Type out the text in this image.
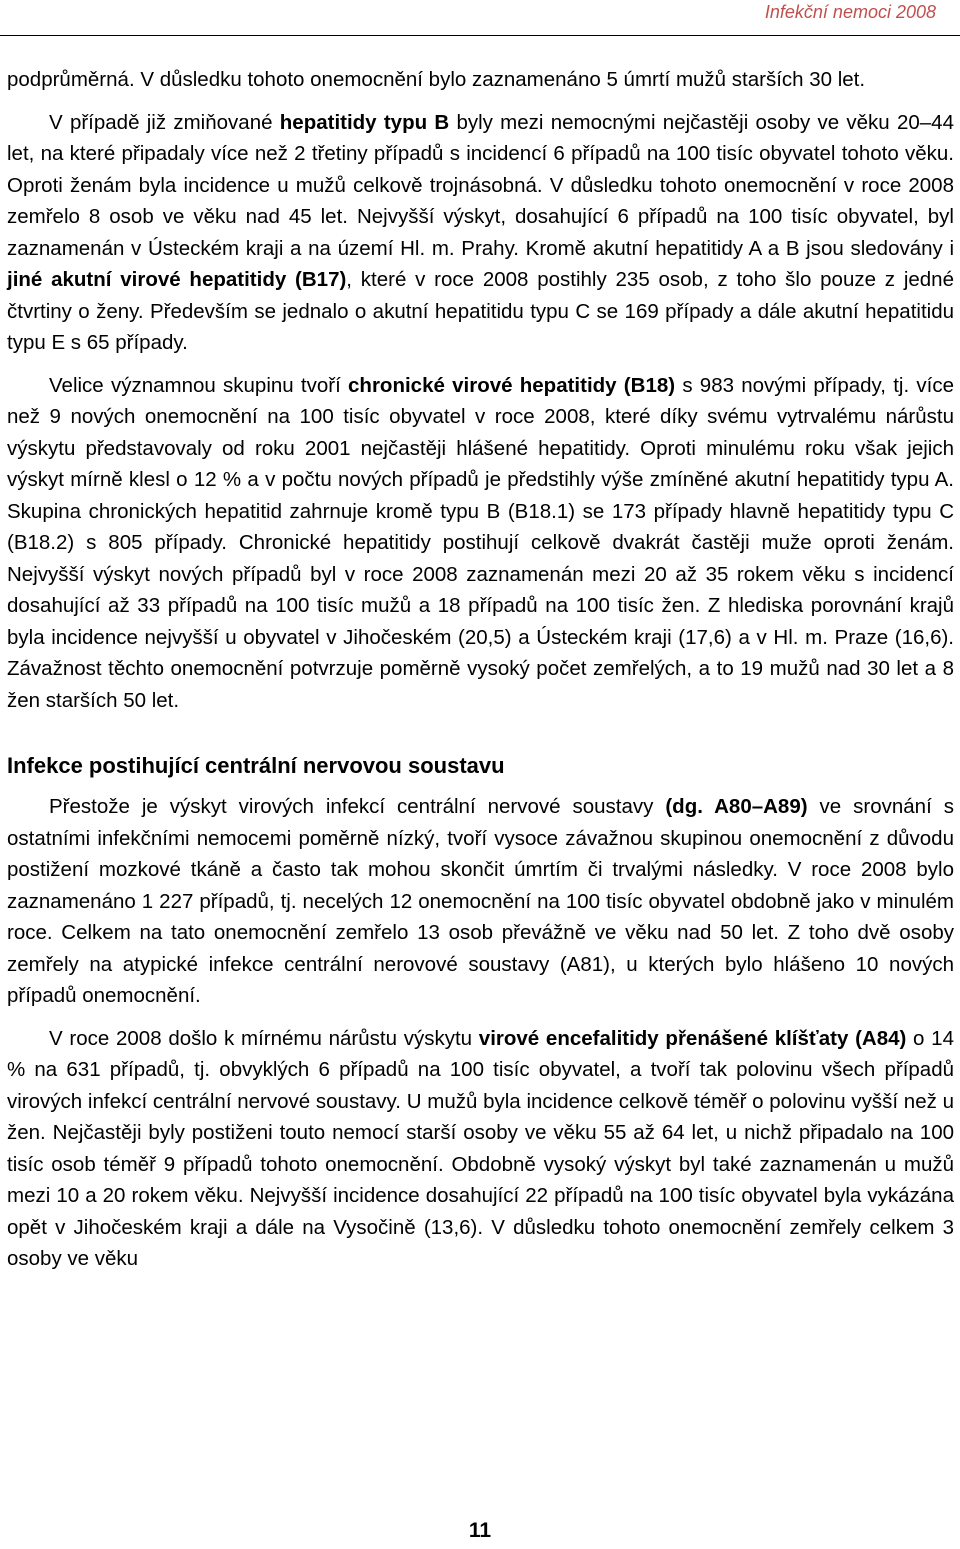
Infekční nemoci 2008

podprůměrná. V důsledku tohoto onemocnění bylo zaznamenáno 5 úmrtí mužů starších 30 let.

V případě již zmiňované hepatitidy typu B byly mezi nemocnými nejčastěji osoby ve věku 20–44 let, na které připadaly více než 2 třetiny případů s incidencí 6 případů na 100 tisíc obyvatel tohoto věku. Oproti ženám byla incidence u mužů celkově trojnásobná. V důsledku tohoto onemocnění v roce 2008 zemřelo 8 osob ve věku nad 45 let. Nejvyšší výskyt, dosahující 6 případů na 100 tisíc obyvatel, byl zaznamenán v Ústeckém kraji a na území Hl. m. Prahy. Kromě akutní hepatitidy A a B jsou sledovány i jiné akutní virové hepatitidy (B17), které v roce 2008 postihly 235 osob, z toho šlo pouze z jedné čtvrtiny o ženy. Především se jednalo o akutní hepatitidu typu C se 169 případy a dále akutní hepatitidu typu E s 65 případy.

Velice významnou skupinu tvoří chronické virové hepatitidy (B18) s 983 novými případy, tj. více než 9 nových onemocnění na 100 tisíc obyvatel v roce 2008, které díky svému vytrvalému nárůstu výskytu představovaly od roku 2001 nejčastěji hlášené hepatitidy. Oproti minulému roku však jejich výskyt mírně klesl o 12 % a v počtu nových případů je předstihly výše zmíněné akutní hepatitidy typu A. Skupina chronických hepatitid zahrnuje kromě typu B (B18.1) se 173 případy hlavně hepatitidy typu C (B18.2) s 805 případy. Chronické hepatitidy postihují celkově dvakrát častěji muže oproti ženám. Nejvyšší výskyt nových případů byl v roce 2008 zaznamenán mezi 20 až 35 rokem věku s incidencí dosahující až 33 případů na 100 tisíc mužů a 18 případů na 100 tisíc žen. Z hlediska porovnání krajů byla incidence nejvyšší u obyvatel v Jihočeském (20,5) a Ústeckém kraji (17,6) a v Hl. m. Praze (16,6). Závažnost těchto onemocnění potvrzuje poměrně vysoký počet zemřelých, a to 19 mužů nad 30 let a 8 žen starších 50 let.

Infekce postihující centrální nervovou soustavu

Přestože je výskyt virových infekcí centrální nervové soustavy (dg. A80–A89) ve srovnání s ostatními infekčními nemocemi poměrně nízký, tvoří vysoce závažnou skupinou onemocnění z důvodu postižení mozkové tkáně a často tak mohou skončit úmrtím či trvalými následky. V roce 2008 bylo zaznamenáno 1 227 případů, tj. necelých 12 onemocnění na 100 tisíc obyvatel obdobně jako v minulém roce. Celkem na tato onemocnění zemřelo 13 osob převážně ve věku nad 50 let. Z toho dvě osoby zemřely na atypické infekce centrální nerovové soustavy (A81), u kterých bylo hlášeno 10 nových případů onemocnění.

V roce 2008 došlo k mírnému nárůstu výskytu virové encefalitidy přenášené klíšťaty (A84) o 14 % na 631 případů, tj. obvyklých 6 případů na 100 tisíc obyvatel, a tvoří tak polovinu všech případů virových infekcí centrální nervové soustavy. U mužů byla incidence celkově téměř o polovinu vyšší než u žen. Nejčastěji byly postiženi touto nemocí starší osoby ve věku 55 až 64 let, u nichž připadalo na 100 tisíc osob téměř 9 případů tohoto onemocnění. Obdobně vysoký výskyt byl také zaznamenán u mužů mezi 10 a 20 rokem věku. Nejvyšší incidence dosahující 22 případů na 100 tisíc obyvatel byla vykázána opět v Jihočeském kraji a dále na Vysočině (13,6). V důsledku tohoto onemocnění zemřely celkem 3 osoby ve věku

11
